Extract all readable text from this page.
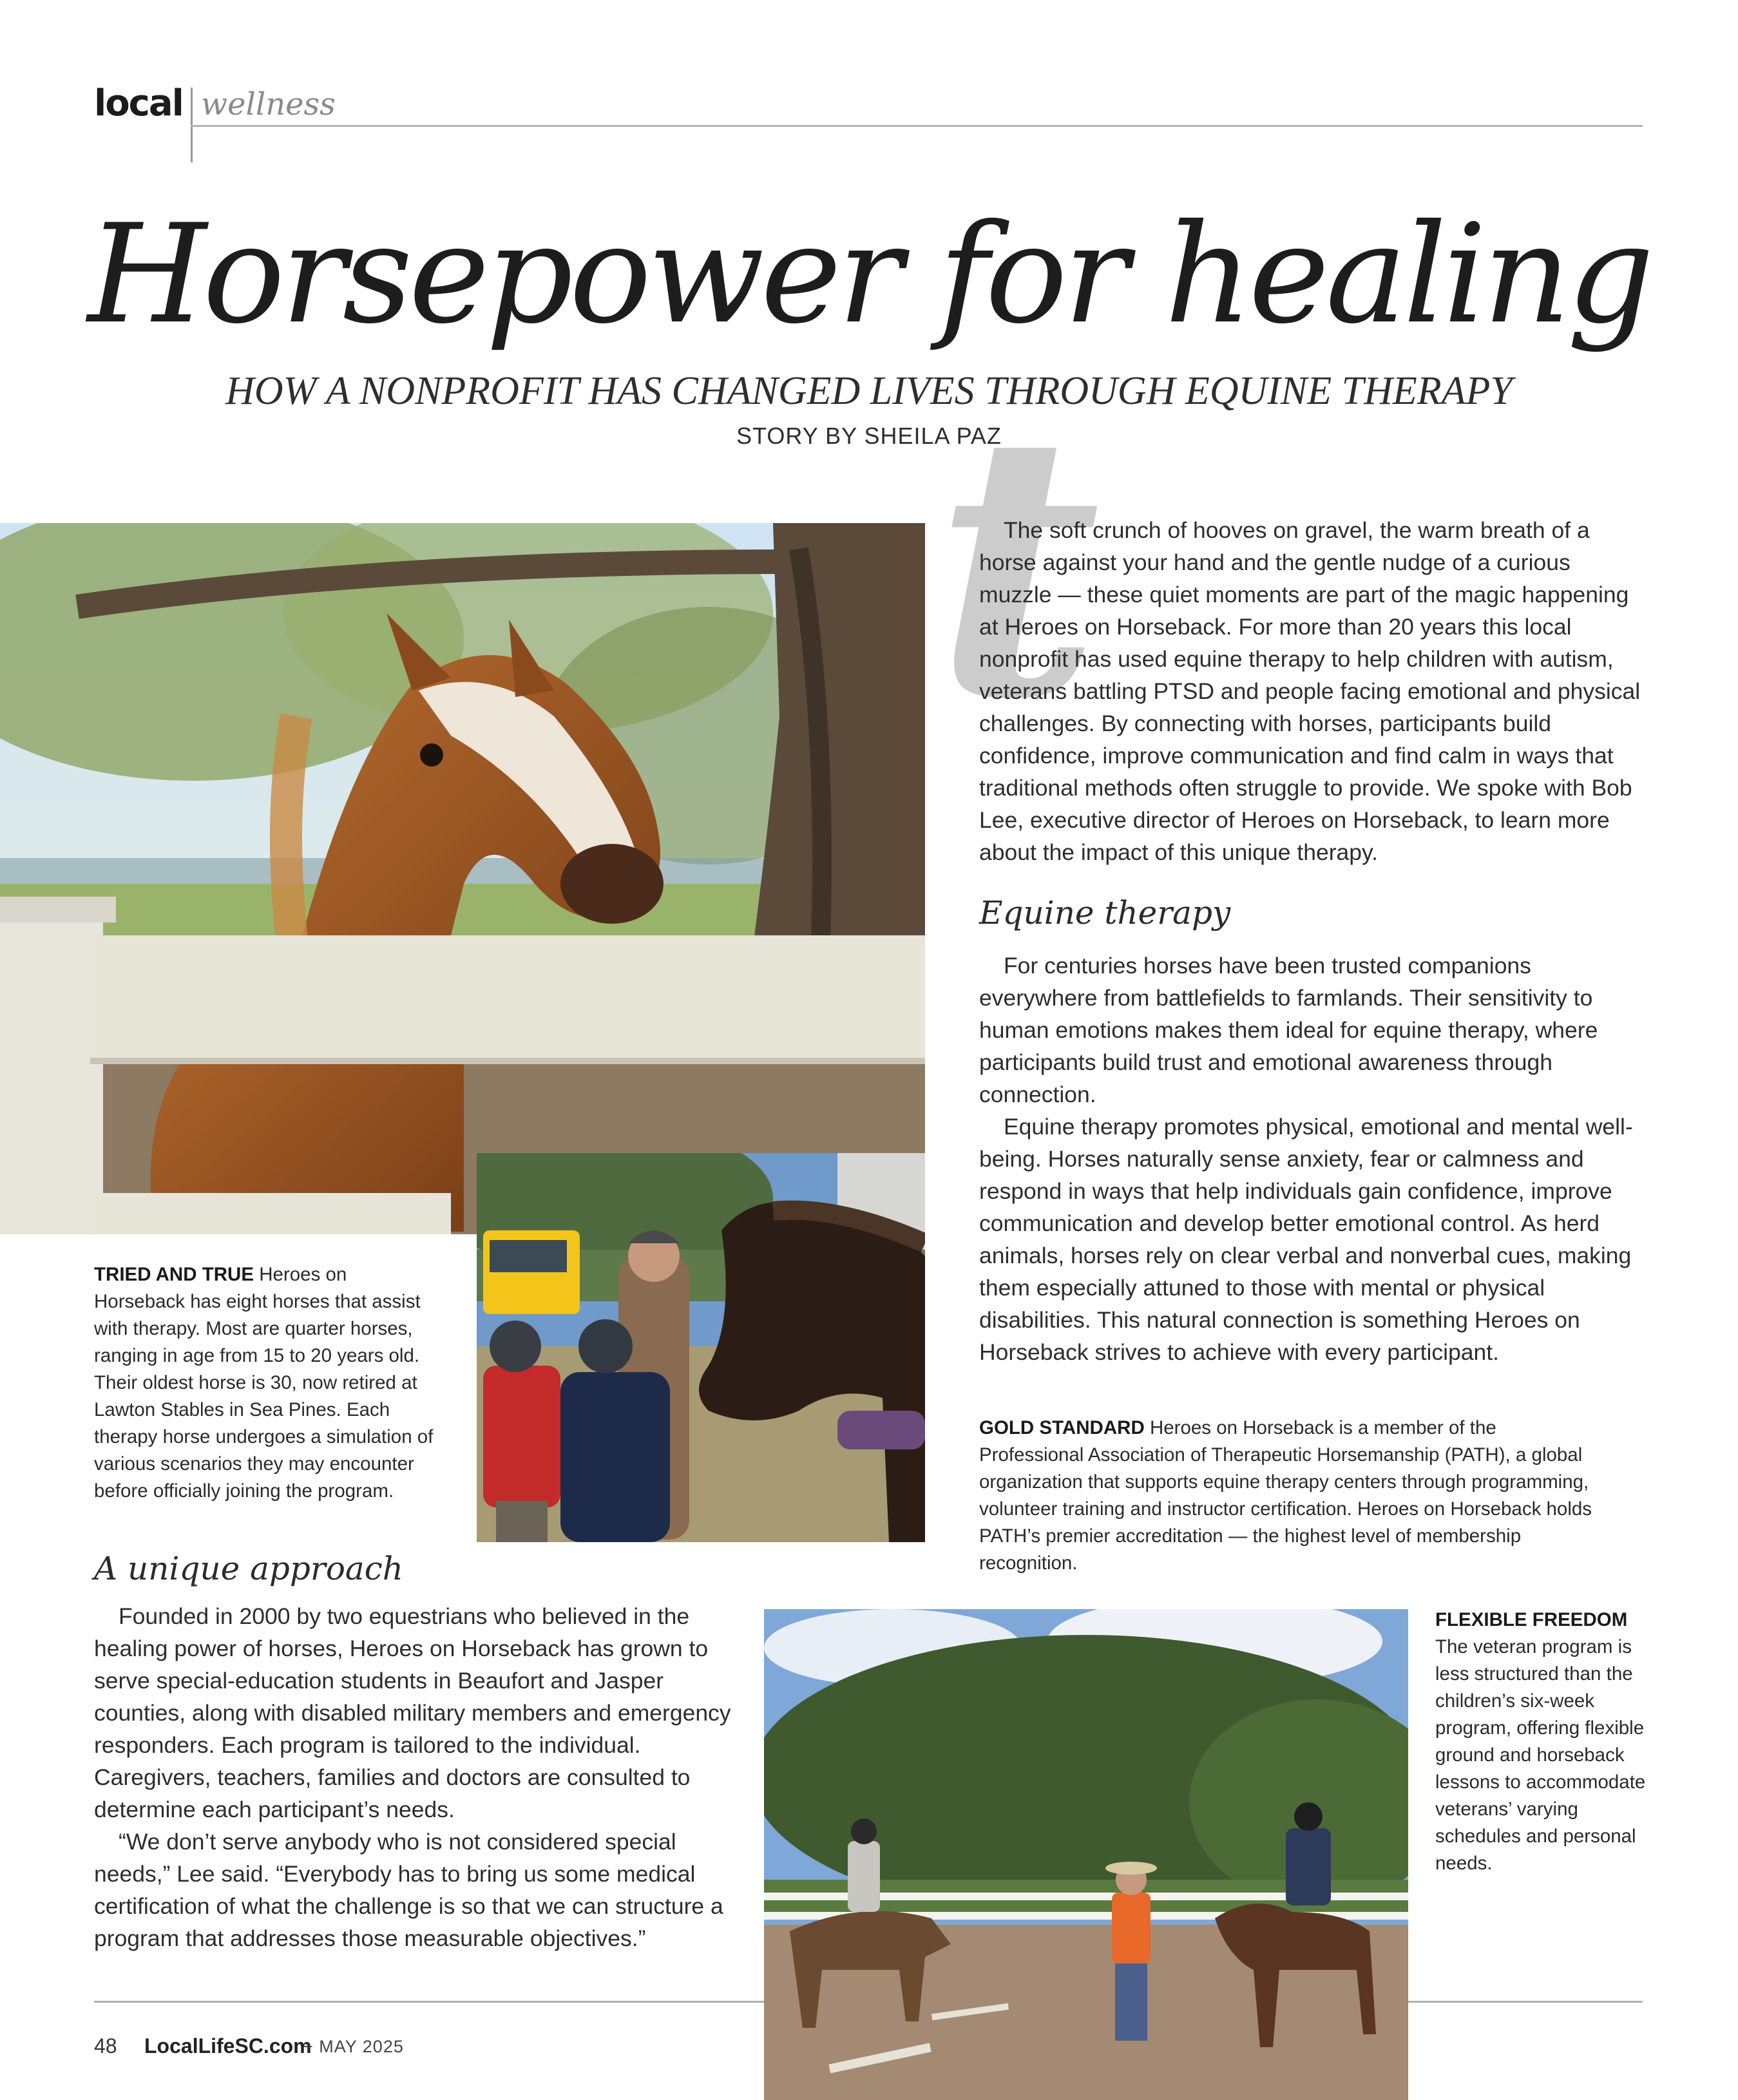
local wellness
Horsepower for healing
HOW A NONPROFIT HAS CHANGED LIVES THROUGH EQUINE THERAPY
STORY BY SHEILA PAZ
t

The soft crunch of hooves on gravel, the warm breath of a horse against your hand and the gentle nudge of a curious muzzle — these quiet moments are part of the magic happening at Heroes on Horseback. For more than 20 years this local nonprofit has used equine therapy to help children with autism, veterans battling PTSD and people facing emotional and physical challenges. By connecting with horses, participants build confidence, improve communication and find calm in ways that traditional methods often struggle to provide. We spoke with Bob Lee, executive director of Heroes on Horseback, to learn more about the impact of this unique therapy.

Equine therapy

For centuries horses have been trusted companions everywhere from battlefields to farmlands. Their sensitivity to human emotions makes them ideal for equine therapy, where participants build trust and emotional awareness through connection.

Equine therapy promotes physical, emotional and mental well-being. Horses naturally sense anxiety, fear or calmness and respond in ways that help individuals gain confidence, improve communication and develop better emotional control. As herd animals, horses rely on clear verbal and nonverbal cues, making them especially attuned to those with mental or physical disabilities. This natural connection is something Heroes on Horseback strives to achieve with every participant.

GOLD STANDARD Heroes on Horseback is a member of the Professional Association of Therapeutic Horsemanship (PATH), a global organization that supports equine therapy centers through programming, volunteer training and instructor certification. Heroes on Horseback holds PATH’s premier accreditation — the highest level of membership recognition.
TRIED AND TRUE Heroes on Horseback has eight horses that assist with therapy. Most are quarter horses, ranging in age from 15 to 20 years old. Their oldest horse is 30, now retired at Lawton Stables in Sea Pines. Each therapy horse undergoes a simulation of various scenarios they may encounter before officially joining the program.
A unique approach

Founded in 2000 by two equestrians who believed in the healing power of horses, Heroes on Horseback has grown to serve special-education students in Beaufort and Jasper counties, along with disabled military members and emergency responders. Each program is tailored to the individual. Caregivers, teachers, families and doctors are consulted to determine each participant’s needs.

“We don’t serve anybody who is not considered special needs,” Lee said. “Everybody has to bring us some medical certification of what the challenge is so that we can structure a program that addresses those measurable objectives.”

FLEXIBLE FREEDOM
The veteran program is less structured than the children’s six-week program, offering flexible ground and horseback lessons to accommodate veterans’ varying schedules and personal needs.
48 LocalLifeSC.com
+ MAY 2025
